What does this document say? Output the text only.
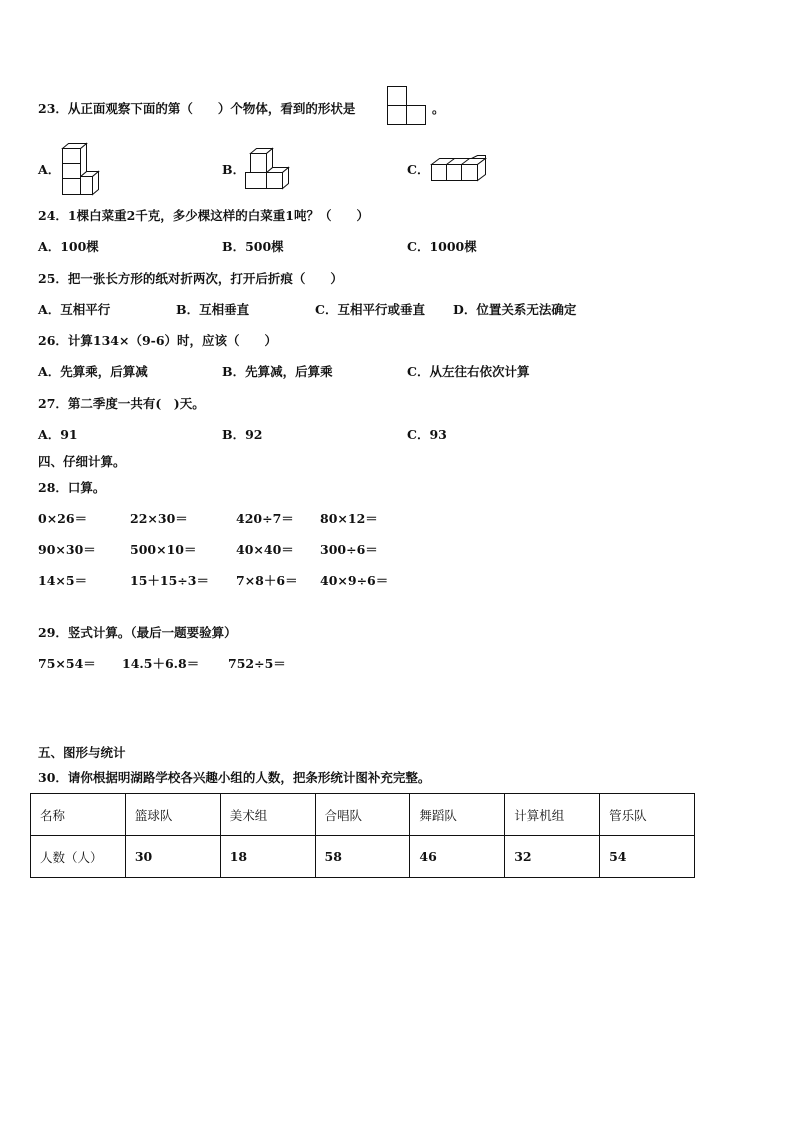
23．从正面观察下面的第（　　）个物体，看到的形状是	。
A．	B．	C．
24．1棵白菜重2千克，多少棵这样的白菜重1吨？（　　）
A．100棵	B．500棵	C．1000棵
25．把一张长方形的纸对折两次，打开后折痕（　　）
A．互相平行	B．互相垂直	C．互相平行或垂直 D．位置关系无法确定
26．计算134×（9-6）时，应该（　　）
A．先算乘，后算减	B．先算减，后算乘	C．从左往右依次计算
27．第二季度一共有(　)天。
A．91	B．92	C．93
四、仔细计算。
28．口算。
0×26＝	22×30＝	420÷7＝ 80×12＝
90×30＝	500×10＝	40×40＝ 300÷6＝
14×5＝	15＋15÷3＝ 7×8＋6＝ 40×9÷6＝
29．竖式计算。（最后一题要验算）
75×54＝ 14.5＋6.8＝ 752÷5＝
五、图形与统计
30．请你根据明湖路学校各兴趣小组的人数，把条形统计图补充完整。
名称	篮球队	美术组	合唱队	舞蹈队	计算机组	管乐队
人数（人）	30	18	58	46	32	54
